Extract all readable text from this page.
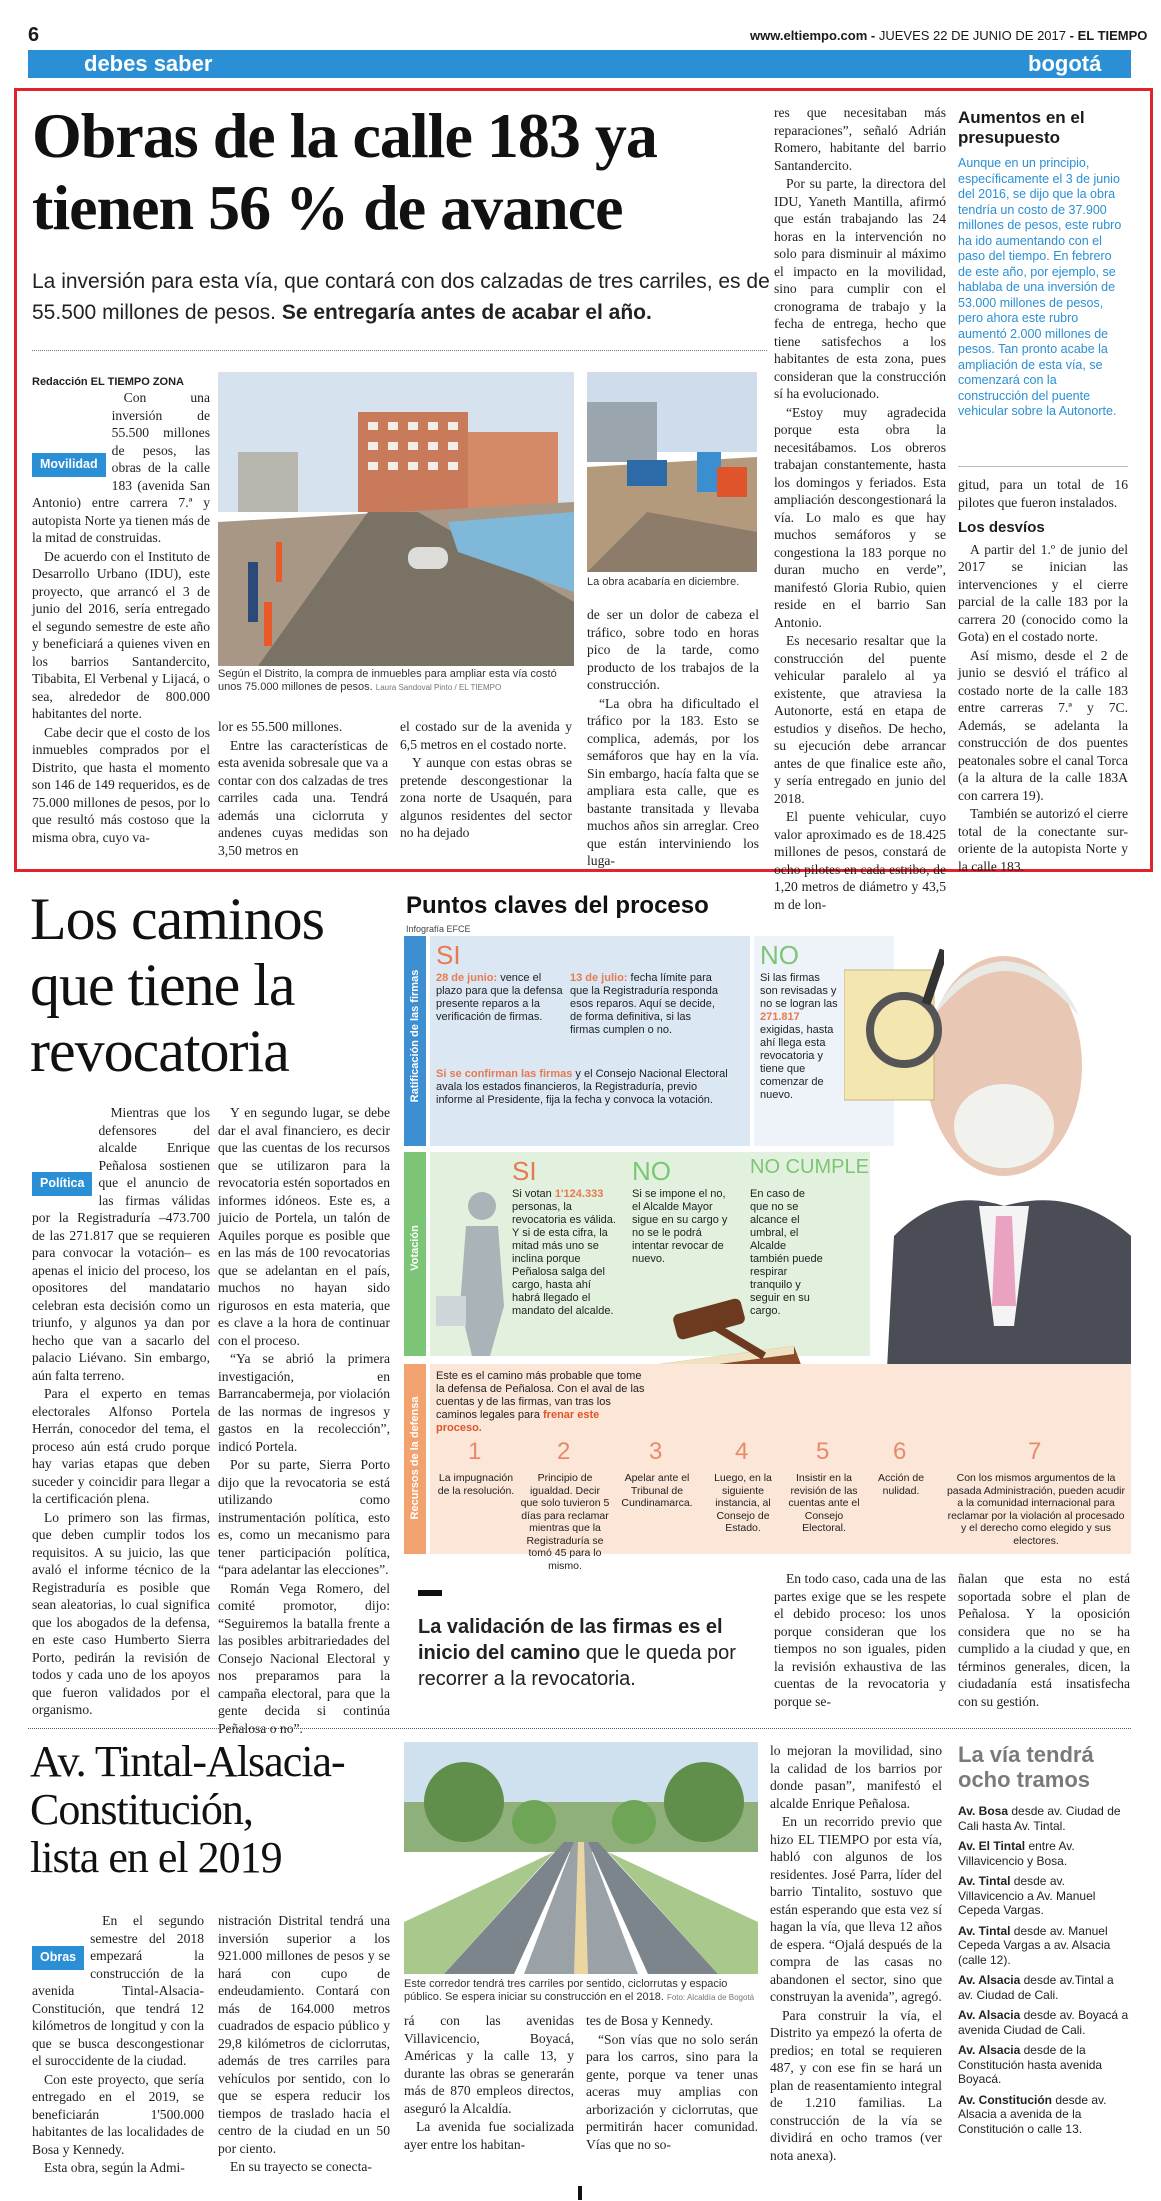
6	www.eltiempo.com - JUEVES 22 DE JUNIO DE 2017 - EL TIEMPO
debes saber	bogotá
Obras de la calle 183 ya
tienen 56 % de avance
La inversión para esta vía, que contará con dos calzadas de tres carriles, es de 55.500 millones de pesos. Se entregaría antes de acabar el año.
Redacción EL TIEMPO ZONA

Movilidad
Con una inversión de 55.500 millones de pesos, las obras de la calle 183 (avenida San Antonio) entre carrera 7.ª y autopista Norte ya tienen más de la mitad de construidas.

De acuerdo con el Instituto de Desarrollo Urbano (IDU), este proyecto, que arrancó el 3 de junio del 2016, sería entregado el segundo semestre de este año y beneficiará a quienes viven en los barrios Santandercito, Tibabita, El Verbenal y Lijacá, o sea, alrededor de 800.000 habitantes del norte.

Cabe decir que el costo de los inmuebles comprados por el Distrito, que hasta el momento son 146 de 149 requeridos, es de 75.000 millones de pesos, por lo que resultó más costoso que la misma obra, cuyo va-

Según el Distrito, la compra de inmuebles para ampliar esta vía costó unos 75.000 millones de pesos. Laura Sandoval Pinto / EL TIEMPO
La obra acabaría en diciembre.

lor es 55.500 millones.

Entre las características de esta avenida sobresale que va a contar con dos calzadas de tres carriles cada una. Tendrá además una ciclorruta y andenes cuyas medidas son 3,50 metros en

el costado sur de la avenida y 6,5 metros en el costado norte.

Y aunque con estas obras se pretende descongestionar la zona norte de Usaquén, para algunos residentes del sector no ha dejado

de ser un dolor de cabeza el tráfico, sobre todo en horas pico de la tarde, como producto de los trabajos de la construcción.

“La obra ha dificultado el tráfico por la 183. Esto se complica, además, por los semáforos que hay en la vía. Sin embargo, hacía falta que se ampliara esta calle, que es bastante transitada y llevaba muchos años sin arreglar. Creo que están interviniendo los luga-

res que necesitaban más reparaciones”, señaló Adrián Romero, habitante del barrio Santandercito.

Por su parte, la directora del IDU, Yaneth Mantilla, afirmó que están trabajando las 24 horas en la intervención no solo para disminuir al máximo el impacto en la movilidad, sino para cumplir con el cronograma de trabajo y la fecha de entrega, hecho que tiene satisfechos a los habitantes de esta zona, pues consideran que la construcción sí ha evolucionado.

“Estoy muy agradecida porque esta obra la necesitábamos. Los obreros trabajan constantemente, hasta los domingos y feriados. Esta ampliación descongestionará la vía. Lo malo es que hay muchos semáforos y se congestiona la 183 porque no duran mucho en verde”, manifestó Gloria Rubio, quien reside en el barrio San Antonio.

Es necesario resaltar que la construcción del puente vehicular paralelo al ya existente, que atraviesa la Autonorte, está en etapa de estudios y diseños. De hecho, su ejecución debe arrancar antes de que finalice este año, y sería entregado en junio del 2018.

El puente vehicular, cuyo valor aproximado es de 18.425 millones de pesos, constará de ocho pilotes en cada estribo, de 1,20 metros de diámetro y 43,5 m de lon-

Aumentos en el presupuesto

Aunque en un principio, específicamente el 3 de junio del 2016, se dijo que la obra tendría un costo de 37.900 millones de pesos, este rubro ha ido aumentando con el paso del tiempo. En febrero de este año, por ejemplo, se hablaba de una inversión de 53.000 millones de pesos, pero ahora este rubro aumentó 2.000 millones de pesos. Tan pronto acabe la ampliación de esta vía, se comenzará con la construcción del puente vehicular sobre la Autonorte.

gitud, para un total de 16 pilotes que fueron instalados.

Los desvíos

A partir del 1.º de junio del 2017 se inician las intervenciones y el cierre parcial de la calle 183 por la carrera 20 (conocido como la Gota) en el costado norte.

Así mismo, desde el 2 de junio se desvió el tráfico al costado norte de la calle 183 entre carreras 7.ª y 7C. Además, se adelanta la construcción de dos puentes peatonales sobre el canal Torca (a la altura de la calle 183A con carrera 19).

También se autorizó el cierre total de la conectante sur-oriente de la autopista Norte y la calle 183.

Los caminos
que tiene la
revocatoria

Política
Mientras que los defensores del alcalde Enrique Peñalosa sostienen que el anuncio de las firmas válidas por la Registraduría –473.700 de las 271.817 que se requieren para convocar la votación– es apenas el inicio del proceso, los opositores del mandatario celebran esta decisión como un triunfo, y algunos ya dan por hecho que van a sacarlo del palacio Liévano. Sin embargo, aún falta terreno.

Para el experto en temas electorales Alfonso Portela Herrán, conocedor del tema, el proceso aún está crudo porque hay varias etapas que deben suceder y coincidir para llegar a la certificación plena.

Lo primero son las firmas, que deben cumplir todos los requisitos. A su juicio, las que avaló el informe técnico de la Registraduría es posible que sean aleatorias, lo cual significa que los abogados de la defensa, en este caso Humberto Sierra Porto, pedirán la revisión de todos y cada uno de los apoyos que fueron validados por el organismo.

Y en segundo lugar, se debe dar el aval financiero, es decir que las cuentas de los recursos que se utilizaron para la revocatoria estén soportados en informes idóneos. Este es, a juicio de Portela, un talón de Aquiles porque es posible que en las más de 100 revocatorias que se adelantan en el país, muchos no hayan sido rigurosos en esta materia, que es clave a la hora de continuar con el proceso.

“Ya se abrió la primera investigación, en Barrancabermeja, por violación de las normas de ingresos y gastos en la recolección”, indicó Portela.

Por su parte, Sierra Porto dijo que la revocatoria se está utilizando como instrumentación política, esto es, como un mecanismo para tener participación política, “para adelantar las elecciones”.

Román Vega Romero, del comité promotor, dijo: “Seguiremos la batalla frente a las posibles arbitrariedades del Consejo Nacional Electoral y nos preparamos para la campaña electoral, para que la gente decida si continúa Peñalosa o no”.

Puntos claves del proceso
Infografía EFCE
Ratificación de las firmas
SI
28 de junio: vence el plazo para que la defensa presente reparos a la verificación de firmas.
13 de julio: fecha límite para que la Registraduría responda esos reparos. Aquí se decide, de forma definitiva, si las firmas cumplen o no.
Si se confirman las firmas y el Consejo Nacional Electoral avala los estados financieros, la Registraduría, previo informe al Presidente, fija la fecha y convoca la votación.
NO
Si las firmas son revisadas y no se logran las 271.817 exigidas, hasta ahí llega esta revocatoria y tiene que comenzar de nuevo.
Votación
SI
Si votan 1'124.333 personas, la revocatoria es válida. Y si de esta cifra, la mitad más uno se inclina porque Peñalosa salga del cargo, hasta ahí habrá llegado el mandato del alcalde.
NO
Si se impone el no, el Alcalde Mayor sigue en su cargo y no se le podrá intentar revocar de nuevo.
NO CUMPLE
En caso de que no se alcance el umbral, el Alcalde también puede respirar tranquilo y seguir en su cargo.
Recursos de la defensa
Este es el camino más probable que tome la defensa de Peñalosa. Con el aval de las cuentas y de las firmas, van tras los caminos legales para frenar este proceso.
1
La impugnación de la resolución.
2
Principio de igualdad. Decir que solo tuvieron 5 días para reclamar mientras que la Registraduría se tomó 45 para lo mismo.
3
Apelar ante el Tribunal de Cundinamarca.
4
Luego, en la siguiente instancia, al Consejo de Estado.
5
Insistir en la revisión de las cuentas ante el Consejo Electoral.
6
Acción de nulidad.
7
Con los mismos argumentos de la pasada Administración, pueden acudir a la comunidad internacional para reclamar por la violación al procesado y el derecho como elegido y sus electores.
La validación de las firmas es el inicio del camino que le queda por recorrer a la revocatoria.

En todo caso, cada una de las partes exige que se les respete el debido proceso: los unos porque consideran que los tiempos no son iguales, piden la revisión exhaustiva de las cuentas de la revocatoria y porque se-

ñalan que esta no está soportada sobre el plan de Peñalosa. Y la oposición considera que no se ha cumplido a la ciudad y que, en términos generales, dicen, la ciudadanía está insatisfecha con su gestión.

Av. Tintal-Alsacia-
Constitución,
lista en el 2019

Obras
En el segundo semestre del 2018 empezará la construcción de la avenida Tintal-Alsacia-Constitución, que tendrá 12 kilómetros de longitud y con la que se busca descongestionar el suroccidente de la ciudad.

Con este proyecto, que sería entregado en el 2019, se beneficiarán 1'500.000 habitantes de las localidades de Bosa y Kennedy.

Esta obra, según la Admi-

nistración Distrital tendrá una inversión superior a los 921.000 millones de pesos y se hará con cupo de endeudamiento. Contará con más de 164.000 metros cuadrados de espacio público y 29,8 kilómetros de ciclorrutas, además de tres carriles para vehículos por sentido, con lo que se espera reducir los tiempos de traslado hacia el centro de la ciudad en un 50 por ciento.

En su trayecto se conecta-

Este corredor tendrá tres carriles por sentido, ciclorrutas y espacio público. Se espera iniciar su construcción en el 2018. Foto: Alcaldía de Bogotá

rá con las avenidas Villavicencio, Boyacá, Américas y la calle 13, y durante las obras se generarán más de 870 empleos directos, aseguró la Alcaldía.

La avenida fue socializada ayer entre los habitan-

tes de Bosa y Kennedy.

“Son vías que no solo serán para los carros, sino para la gente, porque va tener unas aceras muy amplias con arborización y ciclorrutas, que permitirán hacer comunidad. Vías que no so-

lo mejoran la movilidad, sino la calidad de los barrios por donde pasan”, manifestó el alcalde Enrique Peñalosa.

En un recorrido previo que hizo EL TIEMPO por esta vía, habló con algunos de los residentes. José Parra, líder del barrio Tintalito, sostuvo que están esperando que esta vez sí hagan la vía, que lleva 12 años de espera. “Ojalá después de la compra de las casas no abandonen el sector, sino que construyan la avenida”, agregó.

Para construir la vía, el Distrito ya empezó la oferta de predios; en total se requieren 487, y con ese fin se hará un plan de reasentamiento integral de 1.210 familias. La construcción de la vía se dividirá en ocho tramos (ver nota anexa).

La vía tendrá ocho tramos
Av. Bosa desde av. Ciudad de Cali hasta Av. Tintal.
Av. El Tintal entre Av. Villavicencio y Bosa.
Av. Tintal desde av. Villavicencio a Av. Manuel Cepeda Vargas.
Av. Tintal desde av. Manuel Cepeda Vargas a av. Alsacia (calle 12).
Av. Alsacia desde av.Tintal a av. Ciudad de Cali.
Av. Alsacia desde av. Boyacá a avenida Ciudad de Cali.
Av. Alsacia desde de la Constitución hasta avenida Boyacá.
Av. Constitución desde av. Alsacia a avenida de la Constitución o calle 13.
